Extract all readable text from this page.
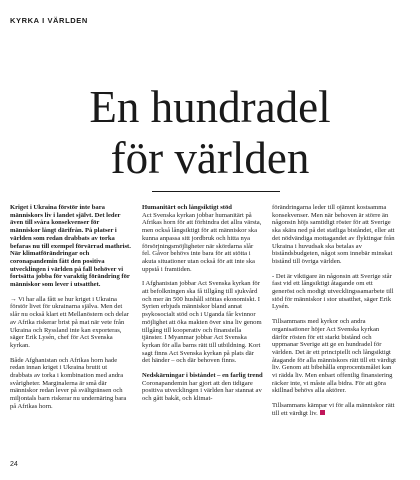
KYRKA I VÄRLDEN
En hundradel
för världen

Kriget i Ukraina förstör inte bara människors liv i landet självt. Det leder även till svåra konsekvenser för människor långt därifrån. På platser i världen som redan drabbats av torka befaras nu till exempel förvärrad mathrist. När klimatförändringar och coronapandemin fått den positiva utvecklingen i världen på fall behöver vi fortsätta jobba för varaktig förändring för människor som lever i utsatthet.

→ Vi har alla fått se hur kriget i Ukraina förstör livet för ukrainarna själva. Men det slår nu också klart ett Mellanöstern och delar av Afrika riskerar brist på mat när vete från Ukraina och Ryssland inte kan exporteras, säger Erik Lysén, chef för Act Svenska kyrkan.

Både Afghanistan och Afrikas horn hade redan innan kriget i Ukraina brutit ut drabbats av torka i kombination med andra svårigheter. Marginalerna är små där människor redan lever på svältgränsen och miljontals barn riskerar nu undernäring bara på Afrikas horn.

Humanitärt och långsiktigt stöd

Act Svenska kyrkan jobbar humanitärt på Afrikas horn för att förhindra det allra värsta, men också långsiktigt för att människor ska kunna anpassa sitt jordbruk och hitta nya försörjningsmöjligheter när skördarna slår fel. Gåvor behövs inte bara för att stötta i akuta situationer utan också för att inte ska uppstå i framtiden.

I Afghanistan jobbar Act Svenska kyrkan för att befolkningen ska få tillgång till sjukvård och mer än 500 hushåll stöttas ekonomiskt. I Syrien erbjuds människor bland annat psykosocialt stöd och i Uganda får kvinnor möjlighet att öka makten över sina liv genom tillgång till kooperativ och finansiella tjänster. I Myanmar jobbar Act Svenska kyrkan för alla barns rätt till utbildning. Kort sagt finns Act Svenska kyrkan på plats där det händer – och där behoven finns.

Nedskärningar i biståndet – en farlig trend

Coronapandemin har gjort att den tidigare positiva utvecklingen i världen har stannat av och gått bakåt, och klimat-

förändringarna leder till ojämnt kostsamma konsekvenser. Men när behoven är större än någonsin höjs samtidigt röster för att Sverige ska skära ned på det statliga biståndet, eller att det nödvändiga mottagandet av flyktingar från Ukraina i huvudsak ska betalas av biståndsbudgeten, något som innebär minskat bistånd till övriga världen.

- Det är viktigare än någonsin att Sverige står fast vid ett långsiktigt åtagande om ett generöst och modigt utvecklingssamarbete till stöd för människor i stor utsatthet, säger Erik Lysén.

Tillsammans med kyrkor och andra organisationer höjer Act Svenska kyrkan därför rösten för ett starkt bistånd och uppmanar Sverige att ge en hundradel för världen. Det är ett principiellt och långsiktigt åtagande för alla människors rätt till ett värdigt liv. Genom att bibehålla enprocentsmålet kan vi rädda liv. Men enbart offentlig finansiering räcker inte, vi måste alla bidra. För att göra skillnad behövs alla aktörer.

Tillsammans kämpar vi för alla människor rätt till ett värdigt liv.

24
